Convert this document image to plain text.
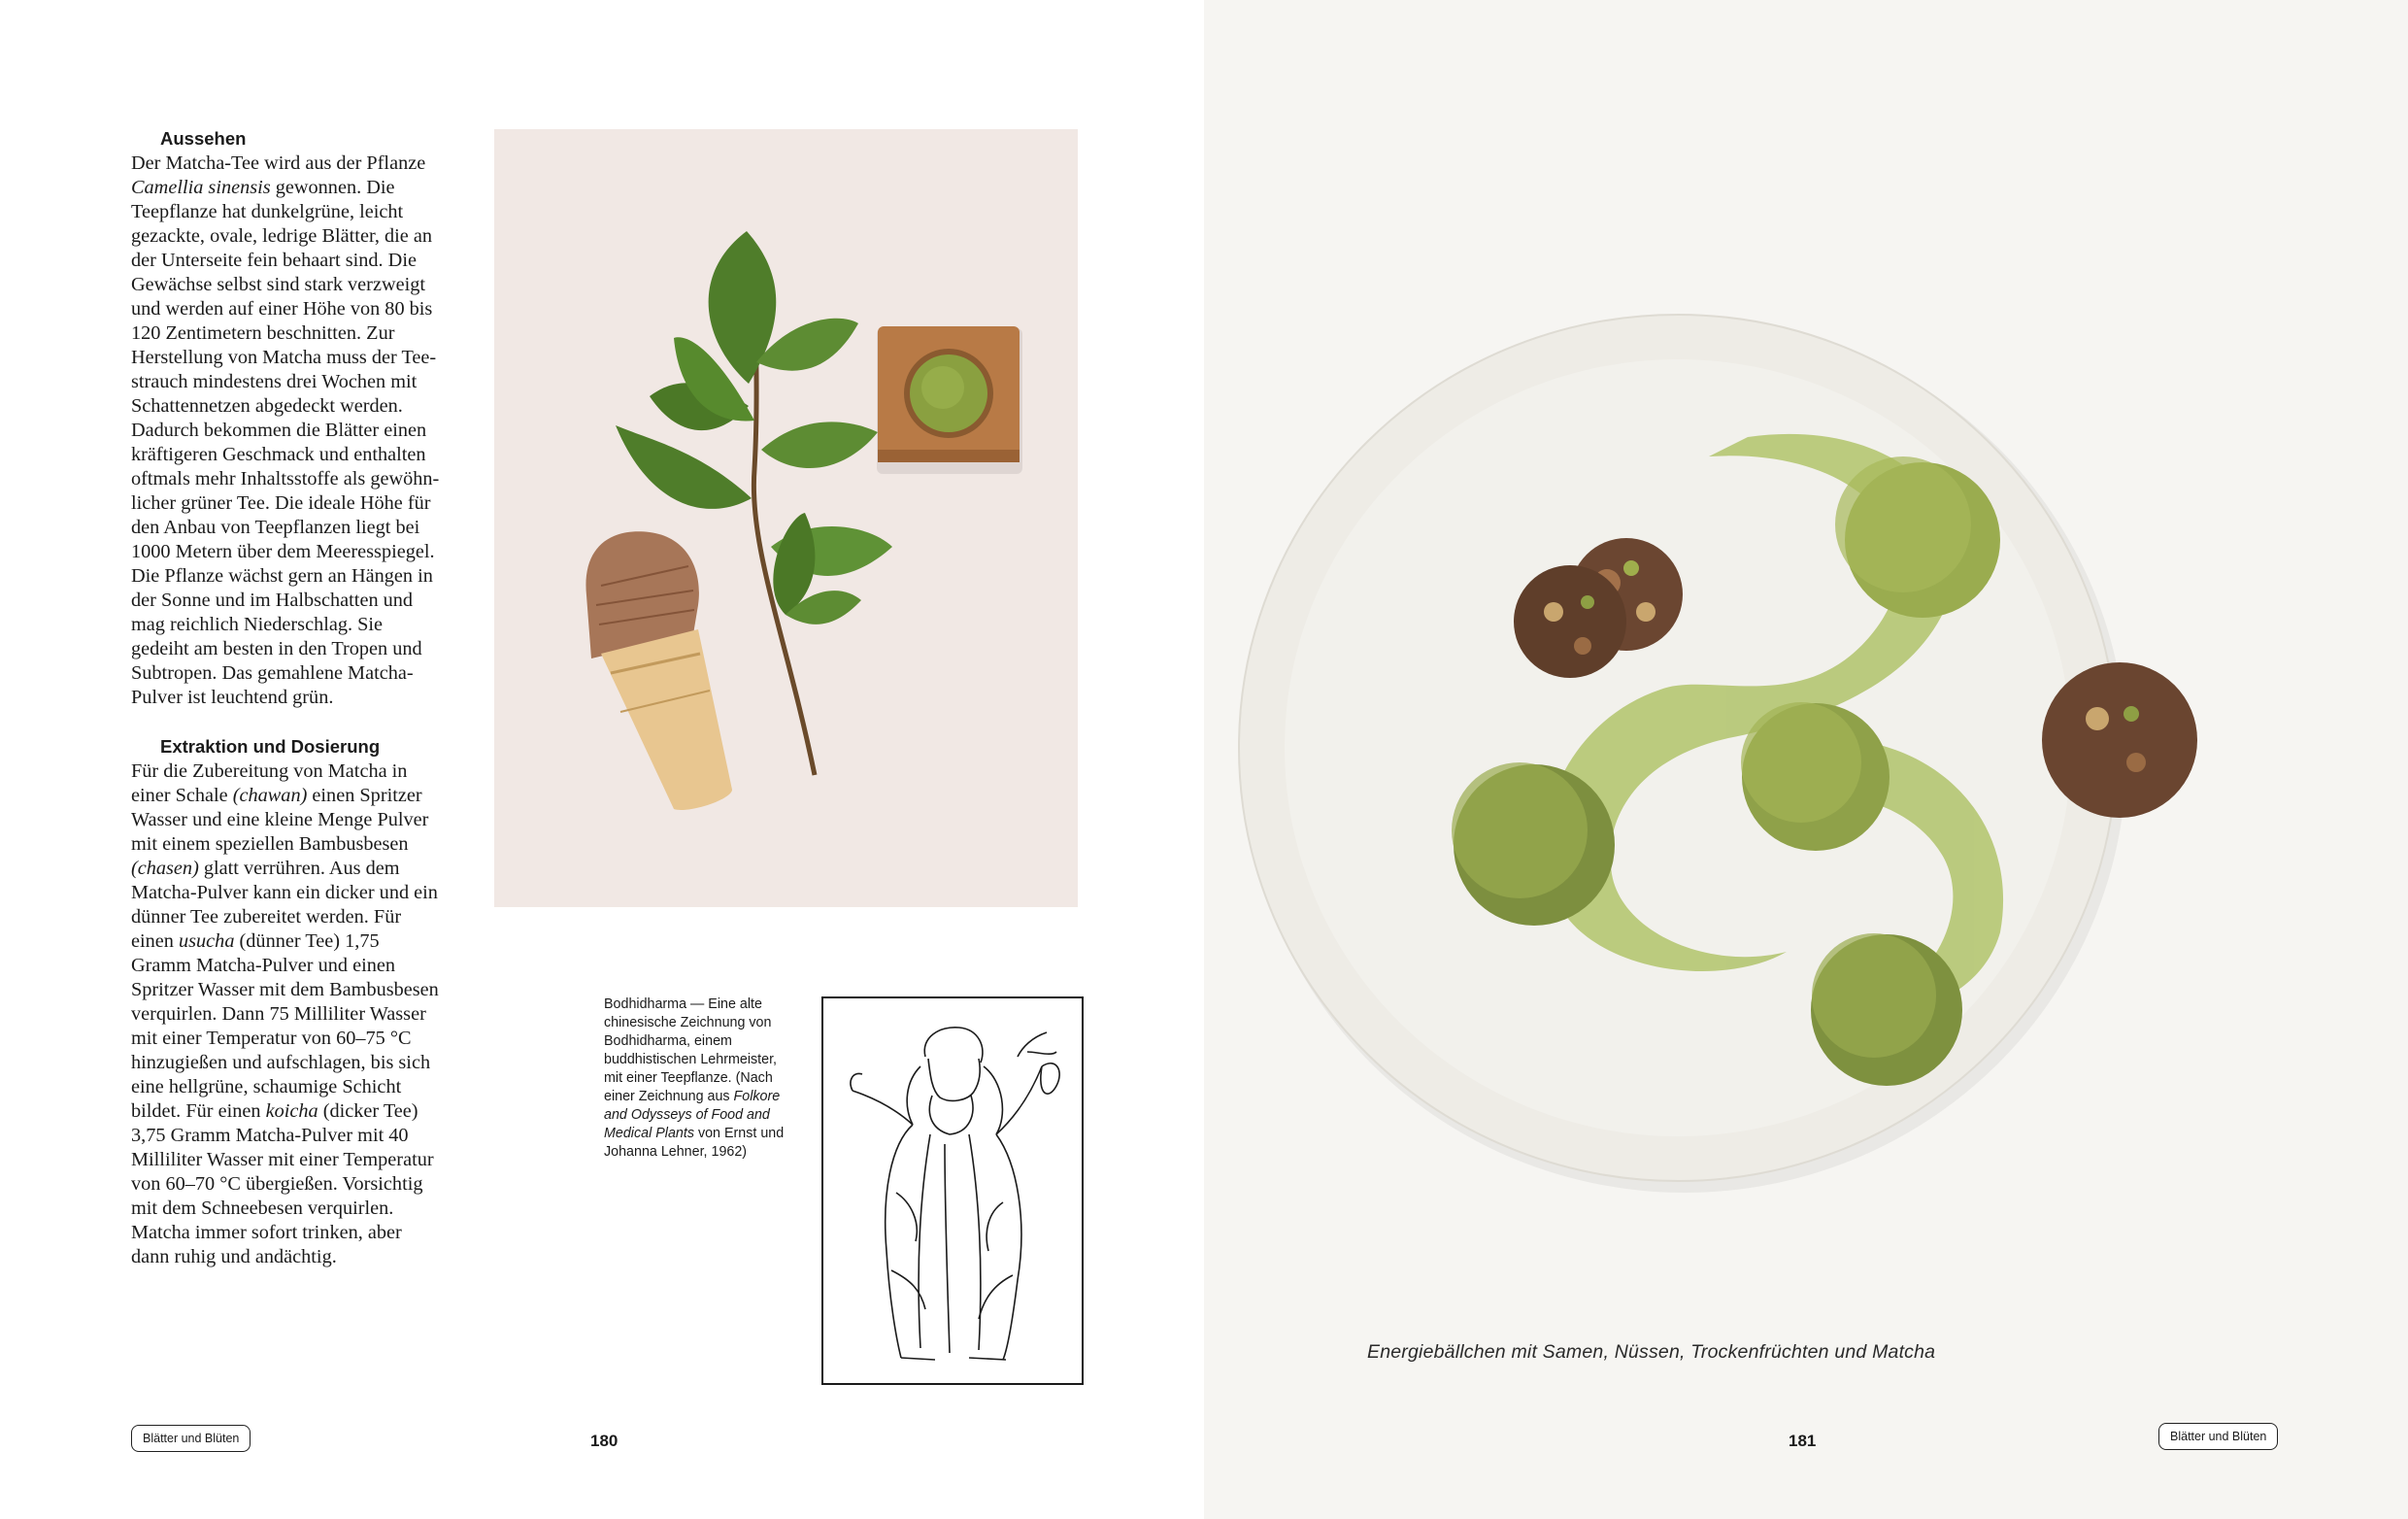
Aussehen

Der Matcha-Tee wird aus der Pflanze Camellia sinensis gewonnen. Die Teepflanze hat dunkelgrüne, leicht gezackte, ovale, ledrige Blätter, die an der Unterseite fein behaart sind. Die Gewächse selbst sind stark verzweigt und werden auf einer Höhe von 80 bis 120 Zentimetern beschnitten. Zur Herstellung von Matcha muss der Teestrauch mindestens drei Wochen mit Schattennetzen abgedeckt werden. Dadurch bekommen die Blätter einen kräftigeren Geschmack und enthalten oftmals mehr Inhaltsstoffe als gewöhnlicher grüner Tee. Die ideale Höhe für den Anbau von Teepflanzen liegt bei 1000 Metern über dem Meeresspiegel. Die Pflanze wächst gern an Hängen in der Sonne und im Halbschatten und mag reichlich Niederschlag. Sie gedeiht am besten in den Tropen und Subtropen. Das gemahlene Matcha-Pulver ist leuchtend grün.

Extraktion und Dosierung

Für die Zubereitung von Matcha in einer Schale (chawan) einen Spritzer Wasser und eine kleine Menge Pulver mit einem speziellen Bambusbesen (chasen) glatt verrühren. Aus dem Matcha-Pulver kann ein dicker und ein dünner Tee zubereitet werden. Für einen usucha (dünner Tee) 1,75 Gramm Matcha-Pulver und einen Spritzer Wasser mit dem Bambusbesen verquirlen. Dann 75 Milliliter Wasser mit einer Temperatur von 60–75 °C hinzugießen und aufschlagen, bis sich eine hellgrüne, schaumige Schicht bildet. Für einen koicha (dicker Tee) 3,75 Gramm Matcha-Pulver mit 40 Milliliter Wasser mit einer Temperatur von 60–70 °C übergießen. Vorsichtig mit dem Schneebesen verquirlen. Matcha immer sofort trinken, aber dann ruhig und andächtig.

Bodhidharma — Eine alte chinesische Zeichnung von Bodhidharma, einem buddhistischen Lehrmeister, mit einer Teepflanze. (Nach einer Zeichnung aus Folkore and Odysseys of Food and Medical Plants von Ernst und Johanna Lehner, 1962)
Blätter und Blüten	180
Energiebällchen mit Samen, Nüssen, Trockenfrüchten und Matcha
181	Blätter und Blüten
